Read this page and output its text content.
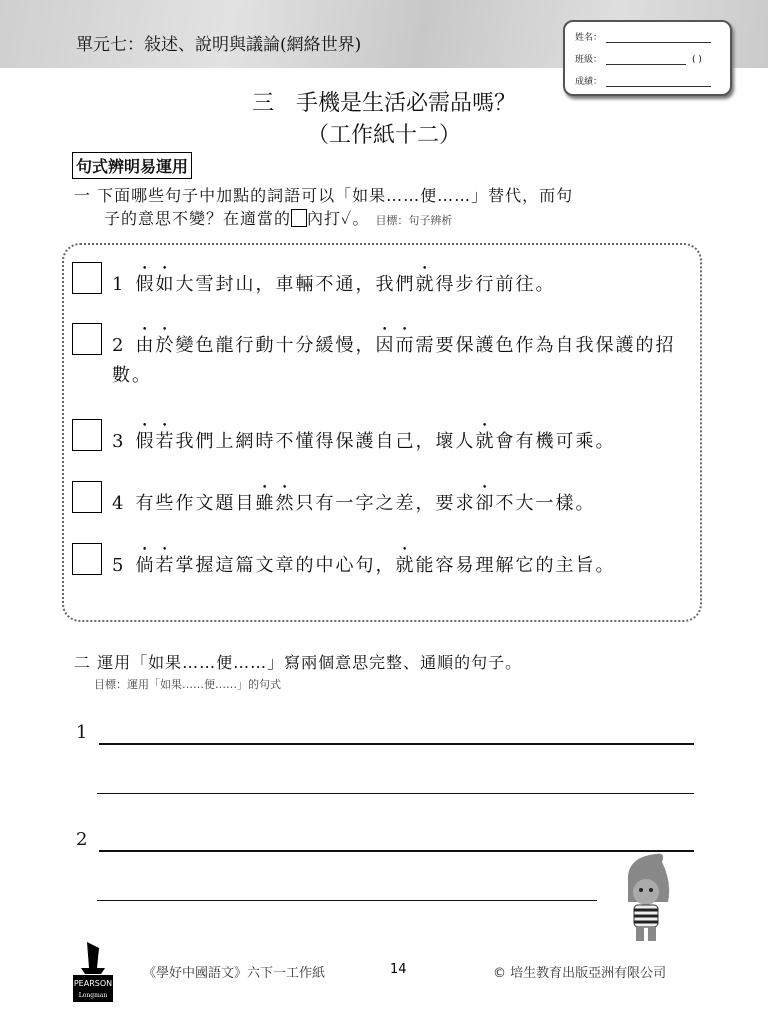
單元七：敍述、說明與議論(網絡世界)	姓名：
班級：	( )
成績：
三　手機是生活必需品嗎？
（工作紙十二）
句式辨明易運用
一 下面哪些句子中加點的詞語可以「如果……便……」替代，而句
子的意思不變？在適當的 內打✓。 目標：句子辨析
1 假如大雪封山，車輛不通，我們就得步行前往。
2 由於變色龍行動十分緩慢，因而需要保護色作為自我保護的招數。
3 假若我們上網時不懂得保護自己，壞人就會有機可乘。
4 有些作文題目雖然只有一字之差，要求卻不大一樣。
5 倘若掌握這篇文章的中心句，就能容易理解它的主旨。
二 運用「如果……便……」寫兩個意思完整、通順的句子。
目標：運用「如果……便……」的句式
1
2
PEARSON
Longman
《學好中國語文》六下一工作紙	14	© 培生教育出版亞洲有限公司
